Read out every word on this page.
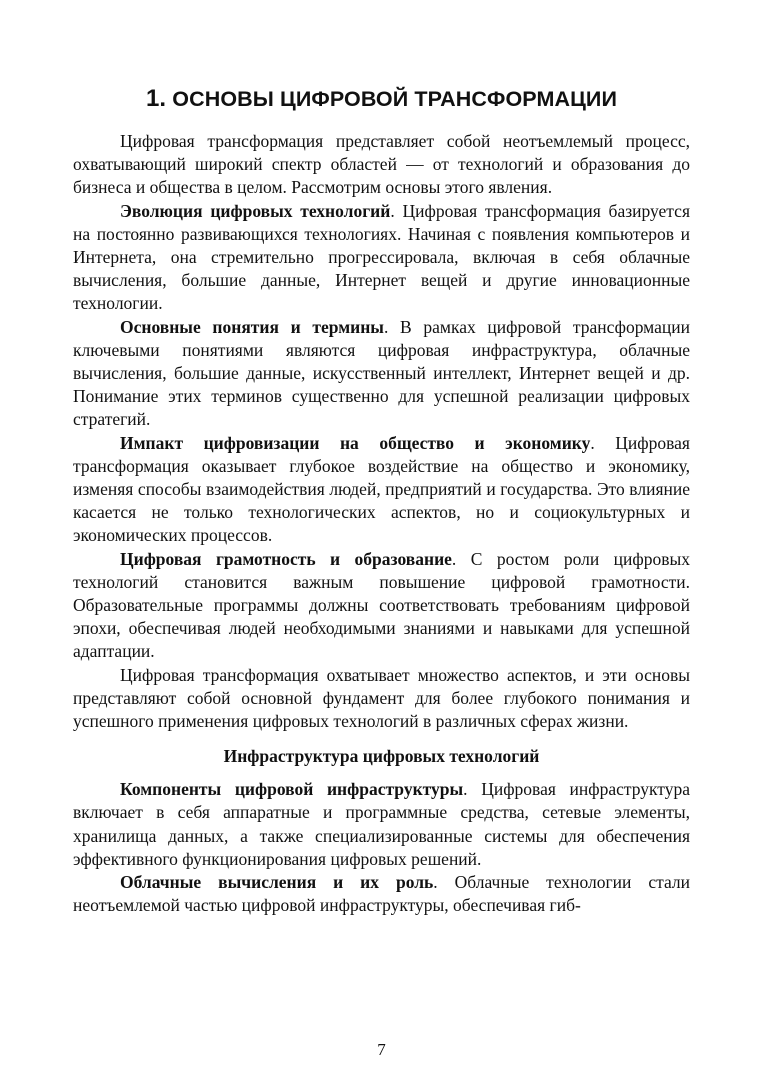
1. ОСНОВЫ ЦИФРОВОЙ ТРАНСФОРМАЦИИ

Цифровая трансформация представляет собой неотъемлемый процесс, охватывающий широкий спектр областей — от технологий и образования до бизнеса и общества в целом. Рассмотрим основы этого явления.

Эволюция цифровых технологий. Цифровая трансформация базируется на постоянно развивающихся технологиях. Начиная с появления компьютеров и Интернета, она стремительно прогрессировала, включая в себя облачные вычисления, большие данные, Интернет вещей и другие инновационные технологии.

Основные понятия и термины. В рамках цифровой трансформации ключевыми понятиями являются цифровая инфраструктура, облачные вычисления, большие данные, искусственный интеллект, Интернет вещей и др. Понимание этих терминов существенно для успешной реализации цифровых стратегий.

Импакт цифровизации на общество и экономику. Цифровая трансформация оказывает глубокое воздействие на общество и экономику, изменяя способы взаимодействия людей, предприятий и государства. Это влияние касается не только технологических аспектов, но и социокультурных и экономических процессов.

Цифровая грамотность и образование. С ростом роли цифровых технологий становится важным повышение цифровой грамотности. Образовательные программы должны соответствовать требованиям цифровой эпохи, обеспечивая людей необходимыми знаниями и навыками для успешной адаптации.

Цифровая трансформация охватывает множество аспектов, и эти основы представляют собой основной фундамент для более глубокого понимания и успешного применения цифровых технологий в различных сферах жизни.

Инфраструктура цифровых технологий

Компоненты цифровой инфраструктуры. Цифровая инфраструктура включает в себя аппаратные и программные средства, сетевые элементы, хранилища данных, а также специализированные системы для обеспечения эффективного функционирования цифровых решений.

Облачные вычисления и их роль. Облачные технологии стали неотъемлемой частью цифровой инфраструктуры, обеспечивая гиб-

7
